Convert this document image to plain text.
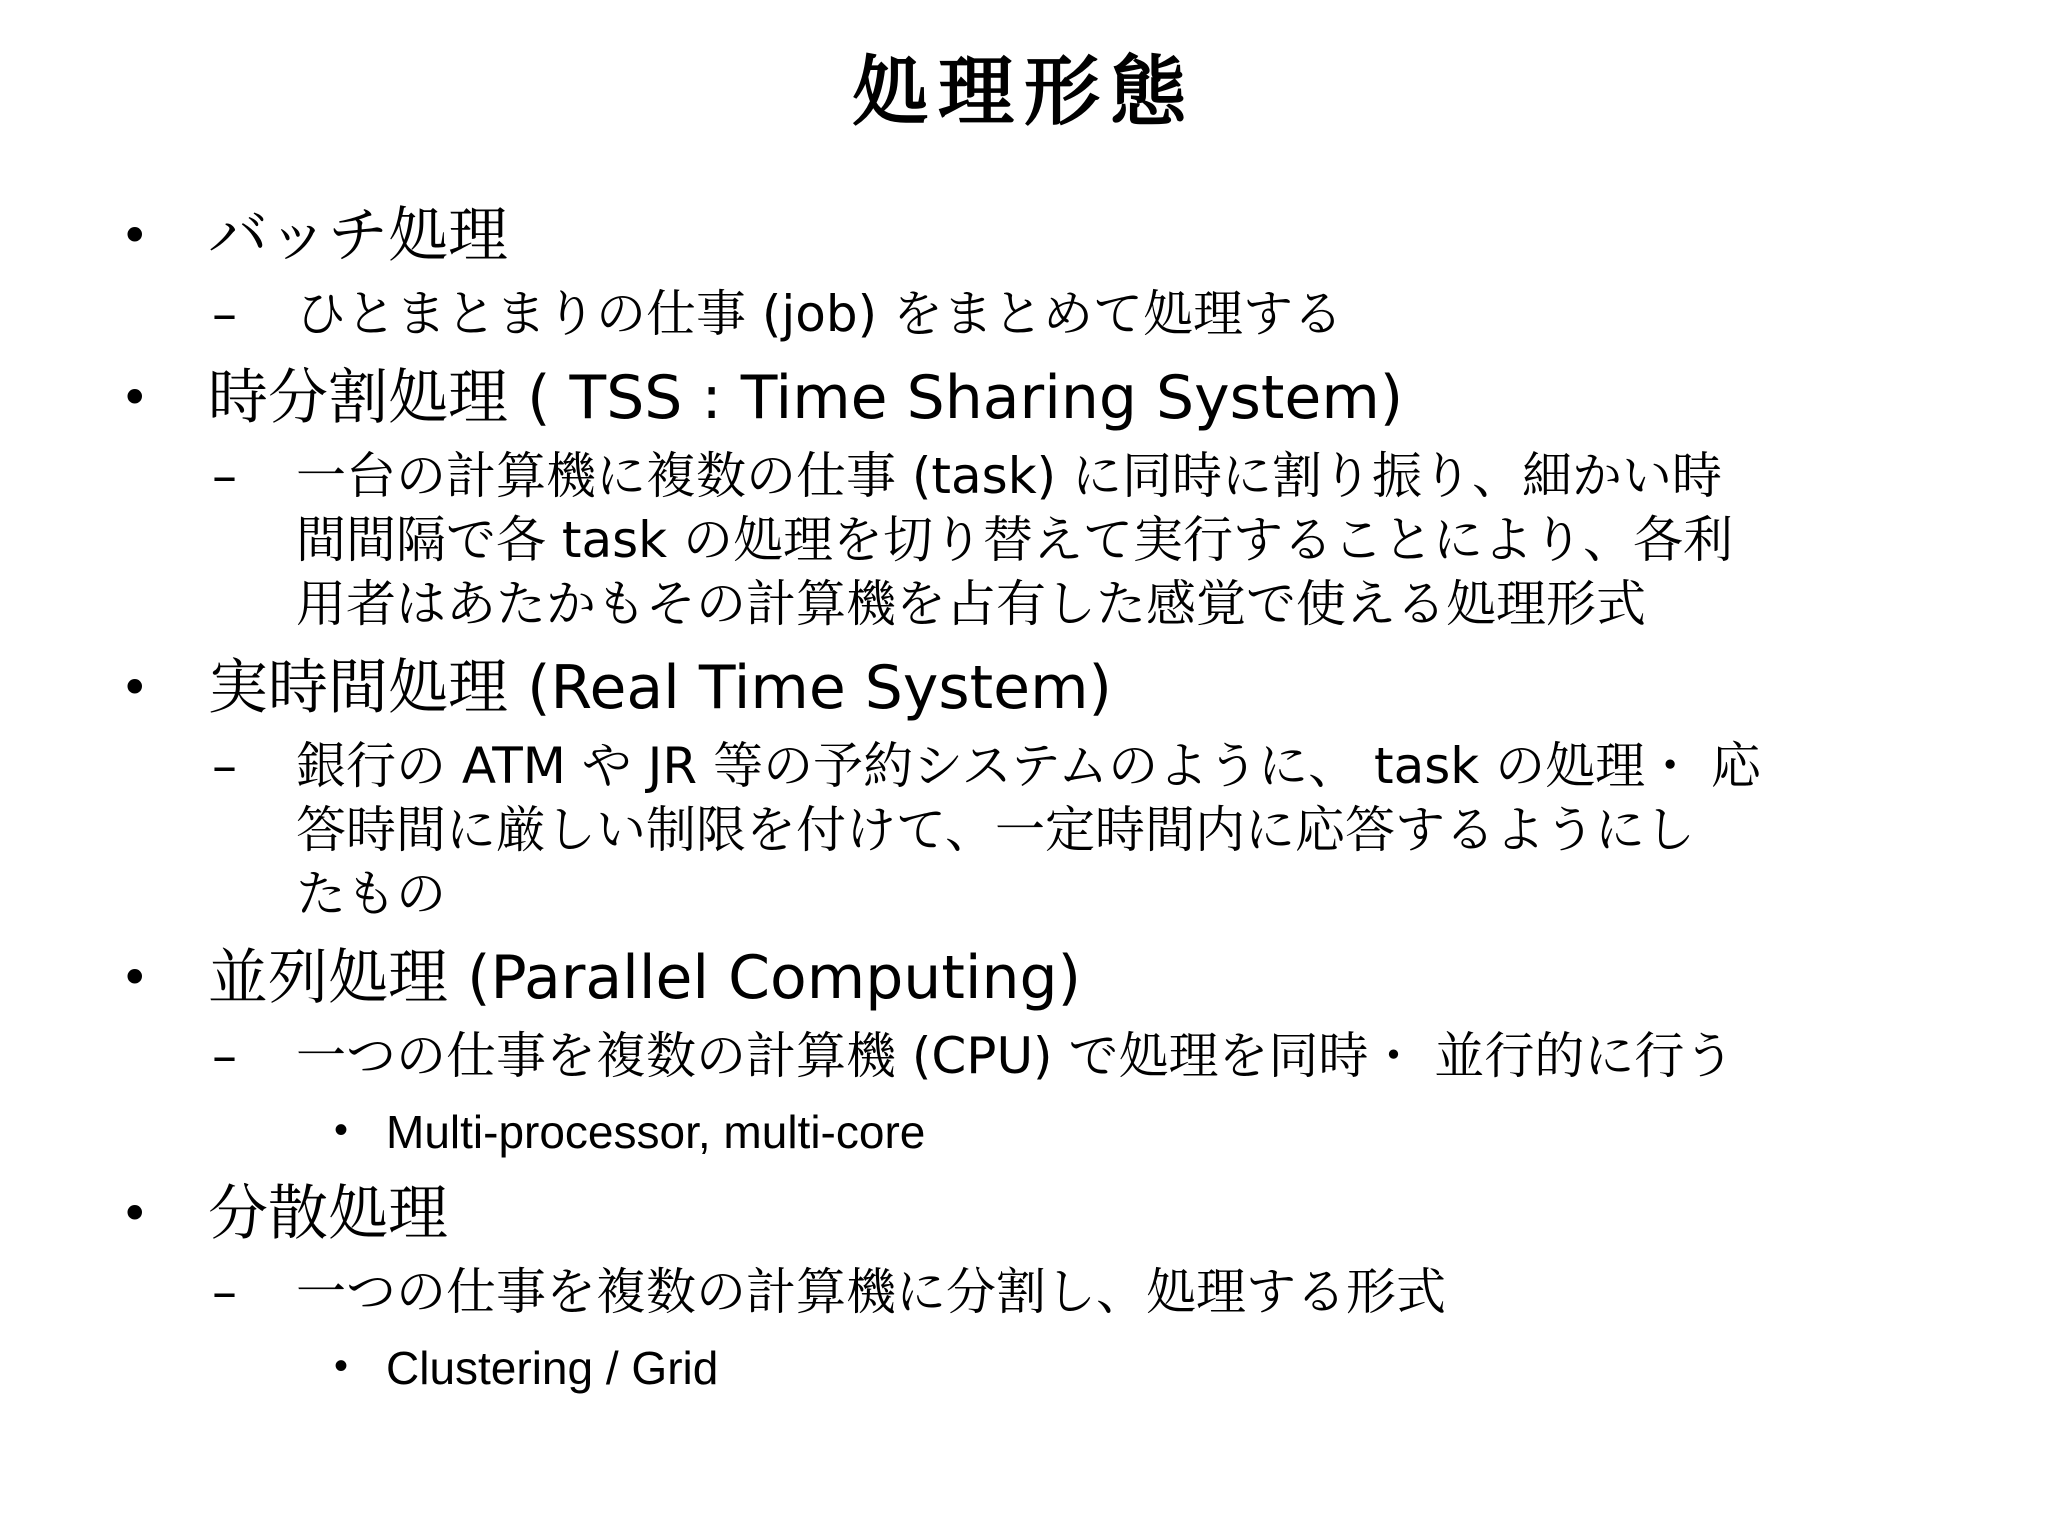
処理形態
• バッチ処理
– ひとまとまりの仕事 (job) をまとめて処理する
• 時分割処理 ( TSS : Time Sharing System)
– 一台の計算機に複数の仕事 (task) に同時に割り振り、細かい時
間間隔で各 task の処理を切り替えて実行することにより、各利
用者はあたかもその計算機を占有した感覚で使える処理形式
• 実時間処理 (Real Time System)
– 銀行の ATM や JR 等の予約システムのように、 task の処理・ 応
答時間に厳しい制限を付けて、一定時間内に応答するようにし
たもの
• 並列処理 (Parallel Computing)
– 一つの仕事を複数の計算機 (CPU) で処理を同時・ 並行的に行う
• Multi-processor, multi-core
• 分散処理
– 一つの仕事を複数の計算機に分割し、処理する形式
• Clustering / Grid
